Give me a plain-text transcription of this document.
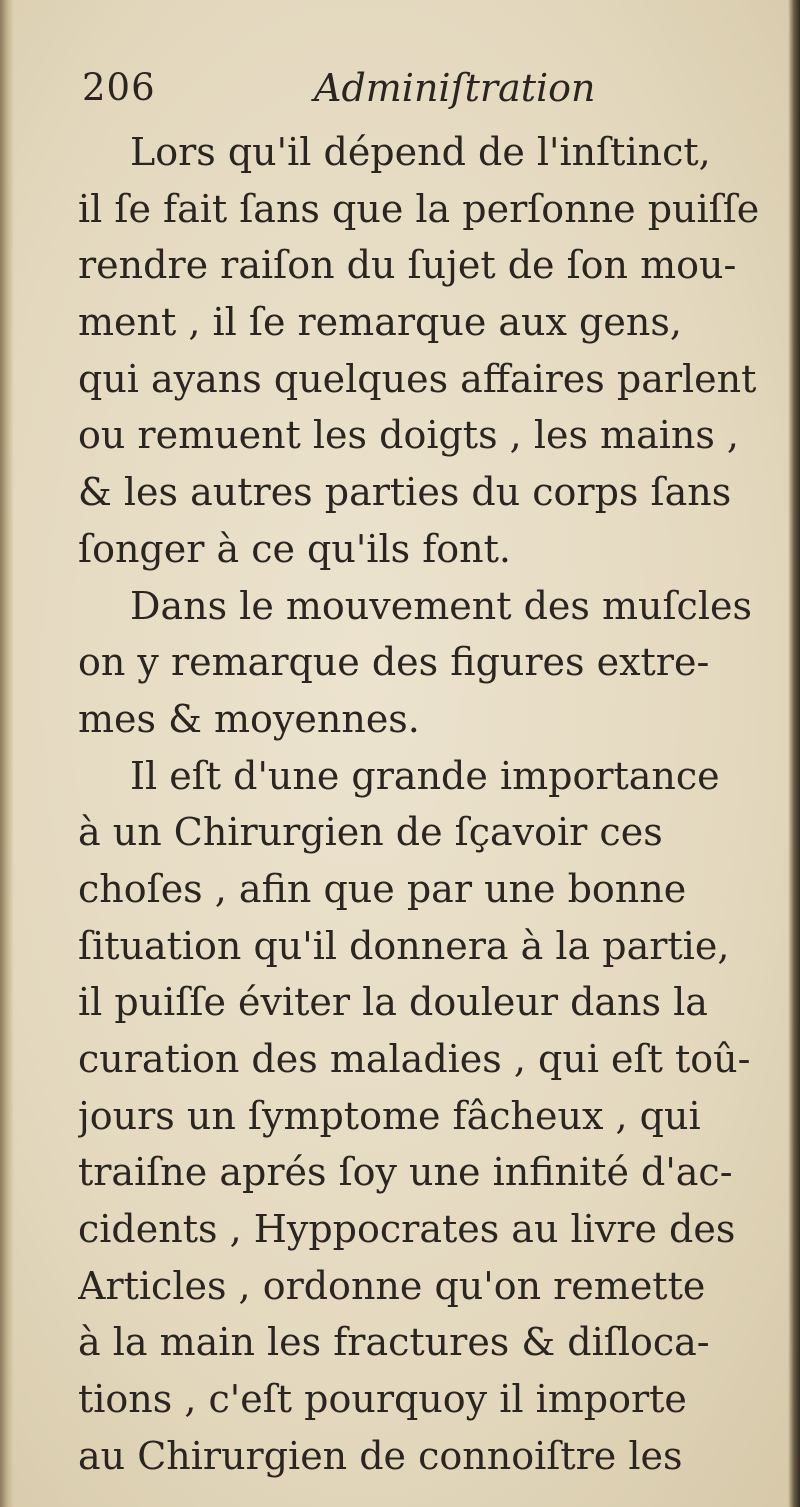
206	Adminiſtration
Lors qu'il dépend de l'inſtinct,
il ſe fait ſans que la perſonne puiſſe
rendre raiſon du ſujet de ſon mou-
ment , il ſe remarque aux gens,
qui ayans quelques affaires parlent
ou remuent les doigts , les mains ,
& les autres parties du corps ſans
ſonger à ce qu'ils font.
Dans le mouvement des muſcles
on y remarque des figures extre-
mes & moyennes.
Il eſt d'une grande importance
à un Chirurgien de ſçavoir ces
choſes , afin que par une bonne
ſituation qu'il donnera à la partie,
il puiſſe éviter la douleur dans la
curation des maladies , qui eſt toû-
jours un ſymptome fâcheux , qui
traiſne aprés ſoy une infinité d'ac-
cidents , Hyppocrates au livre des
Articles , ordonne qu'on remette
à la main les fractures & diſloca-
tions , c'eſt pourquoy il importe
au Chirurgien de connoiſtre les
